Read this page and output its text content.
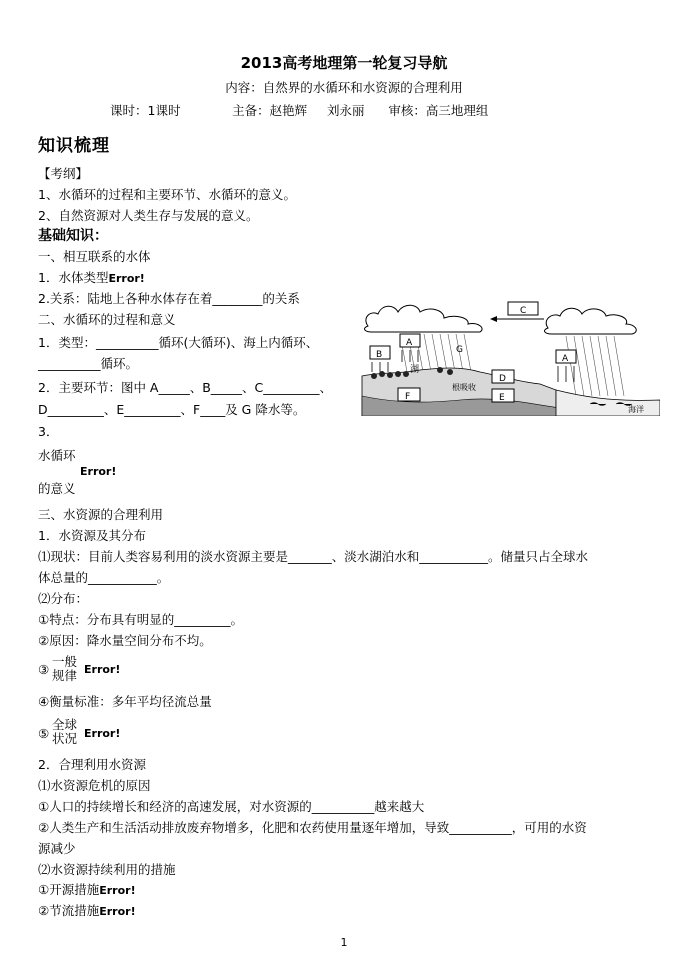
2013高考地理第一轮复习导航
内容：自然界的水循环和水资源的合理利用
课时：1课时             主备：赵艳辉     刘永丽      审核：高三地理组
知识梳理
【考纲】
1、水循环的过程和主要环节、水循环的意义。
2、自然资源对人类生存与发展的意义。
基础知识：
一、相互联系的水体
1．水体类型Error!
2.关系：陆地上各种水体存在着________的关系
二、水循环的过程和意义
1．类型：__________循环(大循环)、海上内循环、
__________循环。
2．主要环节：图中 A_____、B_____、C_________、
D_________、E_________、F____及 G 降水等。
3．
水循环
Error!
的意义
三、水资源的合理利用
1．水资源及其分布
⑴现状：目前人类容易利用的淡水资源主要是_______、淡水湖泊水和___________。储量只占全球水
体总量的___________。
⑵分布：
①特点：分布具有明显的_________。
②原因：降水量空间分布不均。
③
一般
规律 Error!
④衡量标准：多年平均径流总量
⑤
全球
状况 Error!
2．合理利用水资源
⑴水资源危机的原因
①人口的持续增长和经济的高速发展，对水资源的__________越来越大
②人类生产和生活活动排放废弃物增多，化肥和农药使用量逐年增加，导致__________，可用的水资
源减少
⑵水资源持续利用的措施
①开源措施Error!
②节流措施Error!
1
A
A
B
C
D
E
F
G
湖
根吸收
海洋
